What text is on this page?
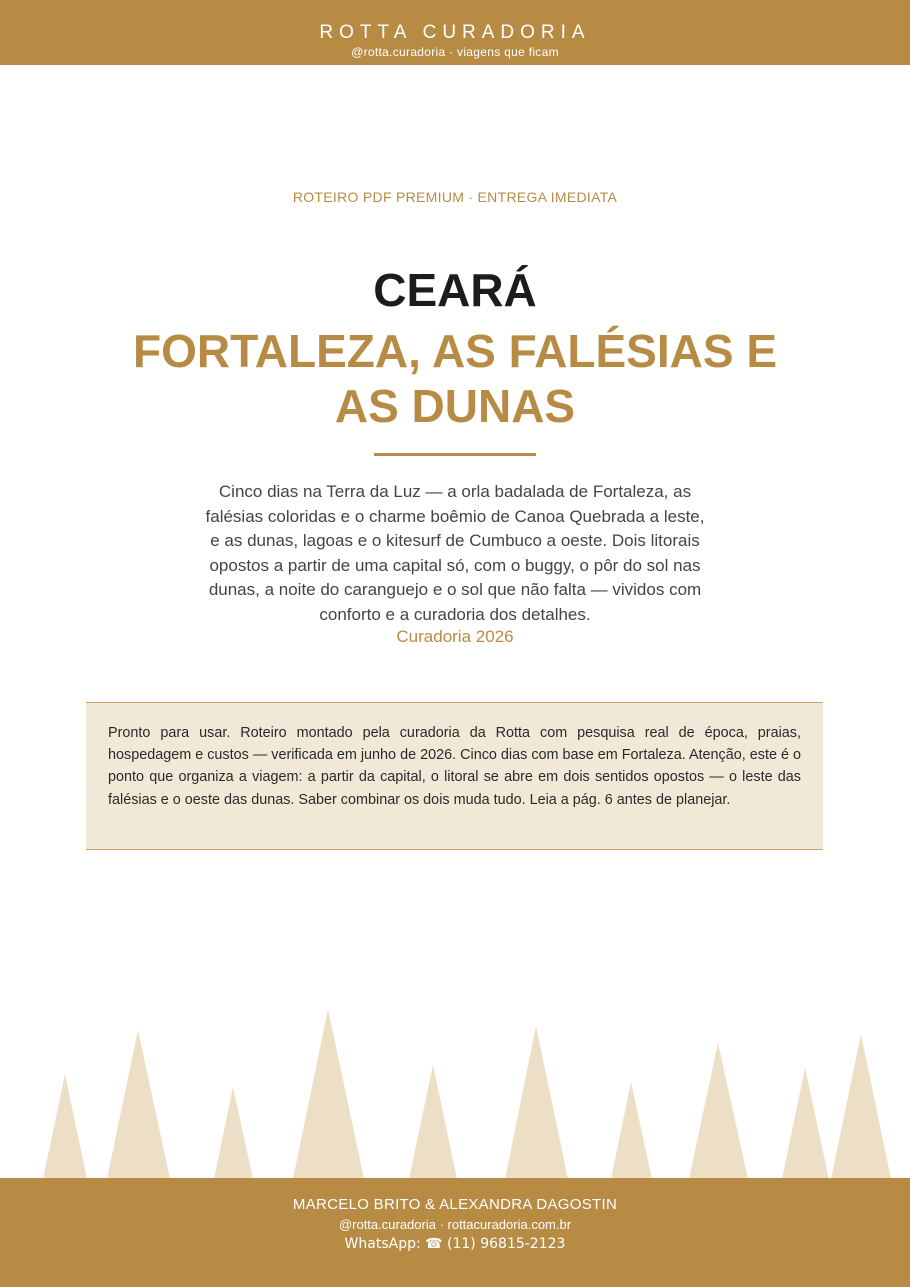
ROTTA CURADORIA
@rotta.curadoria · viagens que ficam
ROTEIRO PDF PREMIUM · ENTREGA IMEDIATA
CEARÁ
FORTALEZA, AS FALÉSIAS E AS DUNAS

Cinco dias na Terra da Luz — a orla badalada de Fortaleza, as falésias coloridas e o charme boêmio de Canoa Quebrada a leste, e as dunas, lagoas e o kitesurf de Cumbuco a oeste. Dois litorais opostos a partir de uma capital só, com o buggy, o pôr do sol nas dunas, a noite do caranguejo e o sol que não falta — vividos com conforto e a curadoria dos detalhes.

Curadoria 2026

Pronto para usar. Roteiro montado pela curadoria da Rotta com pesquisa real de época, praias, hospedagem e custos — verificada em junho de 2026. Cinco dias com base em Fortaleza. Atenção, este é o ponto que organiza a viagem: a partir da capital, o litoral se abre em dois sentidos opostos — o leste das falésias e o oeste das dunas. Saber combinar os dois muda tudo. Leia a pág. 6 antes de planejar.

MARCELO BRITO & ALEXANDRA DAGOSTIN
@rotta.curadoria · rottacuradoria.com.br
WhatsApp: ☎ (11) 96815-2123
